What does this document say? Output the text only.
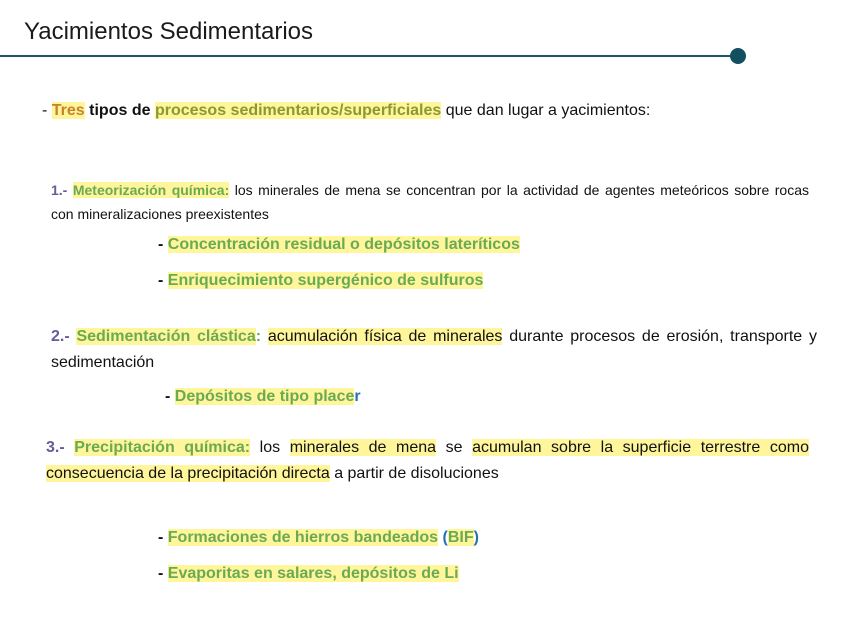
Yacimientos Sedimentarios
- Tres tipos de procesos sedimentarios/superficiales que dan lugar a yacimientos:
1.- Meteorización química: los minerales de mena se concentran por la actividad de agentes meteóricos sobre rocas con mineralizaciones preexistentes
- Concentración residual o depósitos lateríticos
- Enriquecimiento supergénico de sulfuros
2.- Sedimentación clástica: acumulación física de minerales durante procesos de erosión, transporte y sedimentación
- Depósitos de tipo placer
3.- Precipitación química: los minerales de mena se acumulan sobre la superficie terrestre como consecuencia de la precipitación directa a partir de disoluciones
- Formaciones de hierros bandeados (BIF)
- Evaporitas en salares, depósitos de Li
